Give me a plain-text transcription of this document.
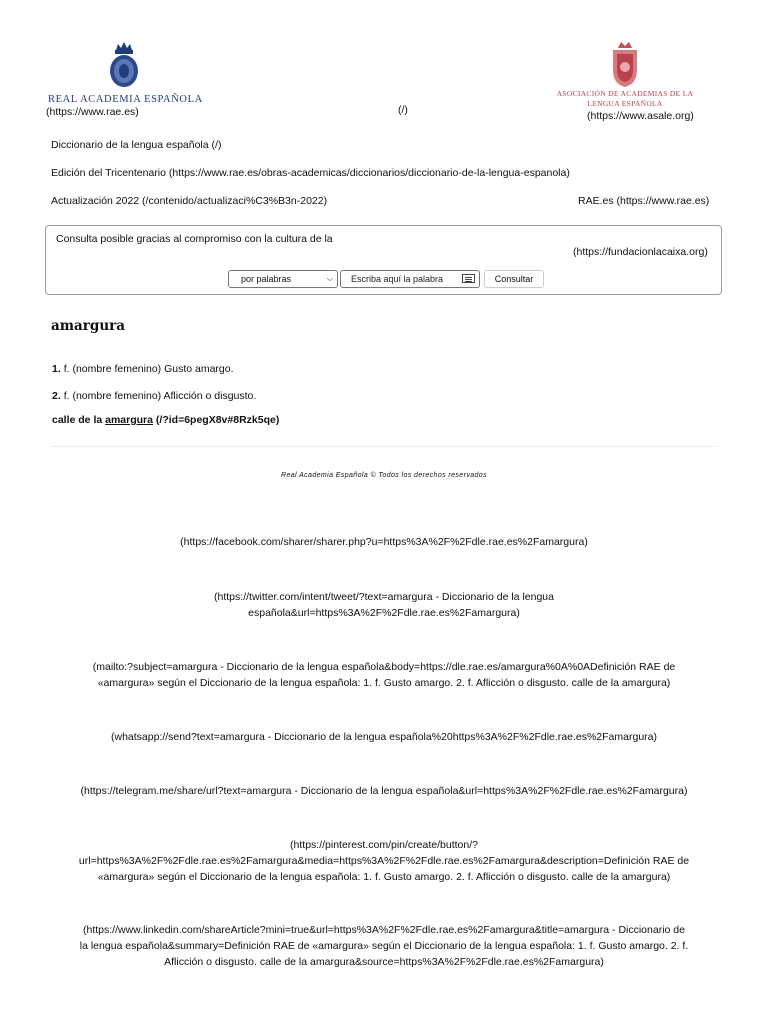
REAL ACADEMIA ESPAÑOLA
(https://www.rae.es)	(/)
ASOCIACIÓN DE ACADEMIAS DE LA
LENGUA ESPAÑOLA
(https://www.asale.org)
Diccionario de la lengua española (/)
Edición del Tricentenario (https://www.rae.es/obras-academicas/diccionarios/diccionario-de-la-lengua-espanola)
Actualización 2022 (/contenido/actualizaci%C3%B3n-2022)	RAE.es (https://www.rae.es)
Consulta posible gracias al compromiso con la cultura de la
(https://fundacionlacaixa.org)
por palabras	⌵	Escriba aquí la palabra	Consultar
amargura
1. f. (nombre femenino) Gusto amargo.
2. f. (nombre femenino) Aflicción o disgusto.
calle de la amargura (/?id=6pegX8v#8Rzk5qe)
Real Academia Española © Todos los derechos reservados
(https://facebook.com/sharer/sharer.php?u=https%3A%2F%2Fdle.rae.es%2Famargura)
(https://twitter.com/intent/tweet/?text=amargura - Diccionario de la lengua
española&url=https%3A%2F%2Fdle.rae.es%2Famargura)
(mailto:?subject=amargura - Diccionario de la lengua española&body=https://dle.rae.es/amargura%0A%0ADefinición RAE de
«amargura» según el Diccionario de la lengua española: 1. f. Gusto amargo. 2. f. Aflicción o disgusto. calle de la amargura)
(whatsapp://send?text=amargura - Diccionario de la lengua española%20https%3A%2F%2Fdle.rae.es%2Famargura)
(https://telegram.me/share/url?text=amargura - Diccionario de la lengua española&url=https%3A%2F%2Fdle.rae.es%2Famargura)
(https://pinterest.com/pin/create/button/?
url=https%3A%2F%2Fdle.rae.es%2Famargura&media=https%3A%2F%2Fdle.rae.es%2Famargura&description=Definición RAE de
«amargura» según el Diccionario de la lengua española: 1. f. Gusto amargo. 2. f. Aflicción o disgusto. calle de la amargura)
(https://www.linkedin.com/shareArticle?mini=true&url=https%3A%2F%2Fdle.rae.es%2Famargura&title=amargura - Diccionario de
la lengua española&summary=Definición RAE de «amargura» según el Diccionario de la lengua española: 1. f. Gusto amargo. 2. f.
Aflicción o disgusto. calle de la amargura&source=https%3A%2F%2Fdle.rae.es%2Famargura)
